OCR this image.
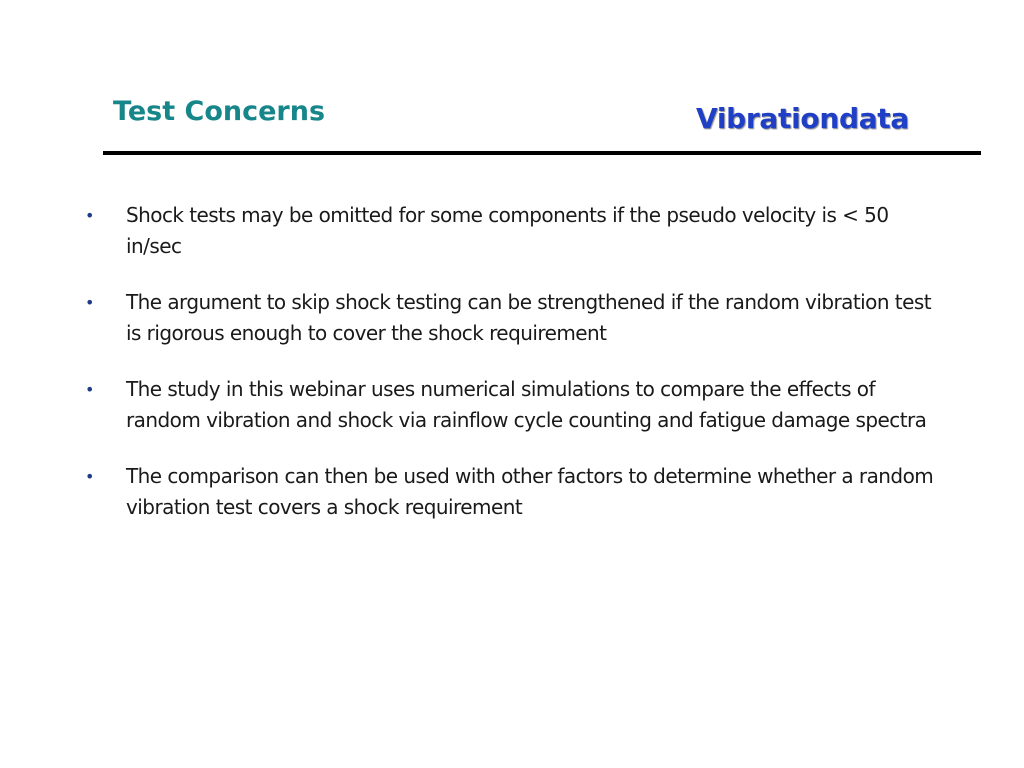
Test Concerns	Vibrationdata
• Shock tests may be omitted for some components if the pseudo velocity is < 50 in/sec
• The argument to skip shock testing can be strengthened if the random vibration test is rigorous enough to cover the shock requirement
• The study in this webinar uses numerical simulations to compare the effects of random vibration and shock via rainflow cycle counting and fatigue damage spectra
• The comparison can then be used with other factors to determine whether a random vibration test covers a shock requirement
